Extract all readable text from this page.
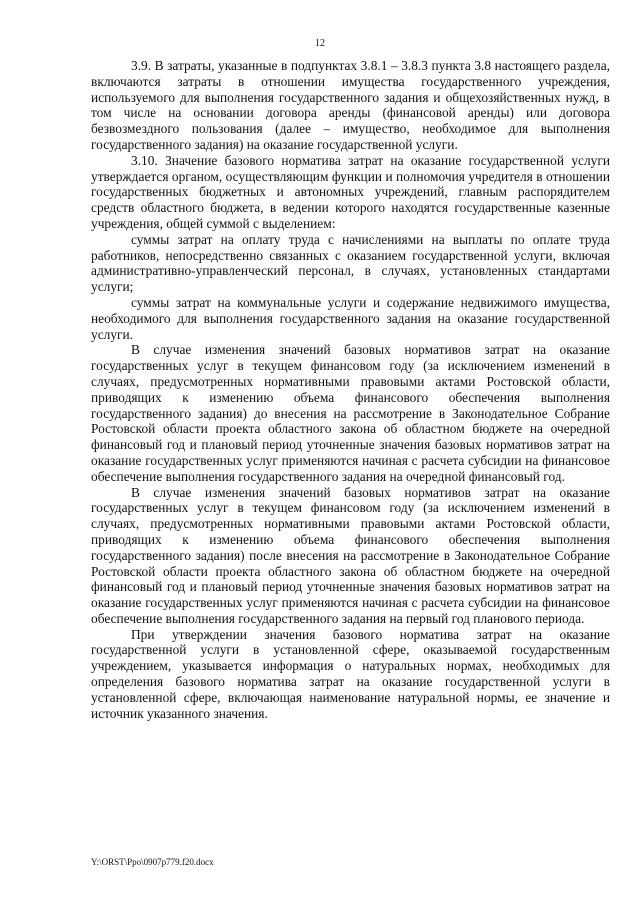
12

3.9. В затраты, указанные в подпунктах 3.8.1 – 3.8.3 пункта 3.8 настоящего раздела, включаются затраты в отношении имущества государственного учреждения, используемого для выполнения государственного задания и общехозяйственных нужд, в том числе на основании договора аренды (финансовой аренды) или договора безвозмездного пользования (далее – имущество, необходимое для выполнения государственного задания) на оказание государственной услуги.

3.10. Значение базового норматива затрат на оказание государственной услуги утверждается органом, осуществляющим функции и полномочия учредителя в отношении государственных бюджетных и автономных учреждений, главным распорядителем средств областного бюджета, в ведении которого находятся государственные казенные учреждения, общей суммой с выделением:

суммы затрат на оплату труда с начислениями на выплаты по оплате труда работников, непосредственно связанных с оказанием государственной услуги, включая административно-управленческий персонал, в случаях, установленных стандартами услуги;

суммы затрат на коммунальные услуги и содержание недвижимого имущества, необходимого для выполнения государственного задания на оказание государственной услуги.

В случае изменения значений базовых нормативов затрат на оказание государственных услуг в текущем финансовом году (за исключением изменений в случаях, предусмотренных нормативными правовыми актами Ростовской области, приводящих к изменению объема финансового обеспечения выполнения государственного задания) до внесения на рассмотрение в Законодательное Собрание Ростовской области проекта областного закона об областном бюджете на очередной финансовый год и плановый период уточненные значения базовых нормативов затрат на оказание государственных услуг применяются начиная с расчета субсидии на финансовое обеспечение выполнения государственного задания на очередной финансовый год.

В случае изменения значений базовых нормативов затрат на оказание государственных услуг в текущем финансовом году (за исключением изменений в случаях, предусмотренных нормативными правовыми актами Ростовской области, приводящих к изменению объема финансового обеспечения выполнения государственного задания) после внесения на рассмотрение в Законодательное Собрание Ростовской области проекта областного закона об областном бюджете на очередной финансовый год и плановый период уточненные значения базовых нормативов затрат на оказание государственных услуг применяются начиная с расчета субсидии на финансовое обеспечение выполнения государственного задания на первый год планового периода.

При утверждении значения базового норматива затрат на оказание государственной услуги в установленной сфере, оказываемой государственным учреждением, указывается информация о натуральных нормах, необходимых для определения базового норматива затрат на оказание государственной услуги в установленной сфере, включающая наименование натуральной нормы, ее значение и источник указанного значения.

Y:\ORST\Ppo\0907p779.f20.docx
